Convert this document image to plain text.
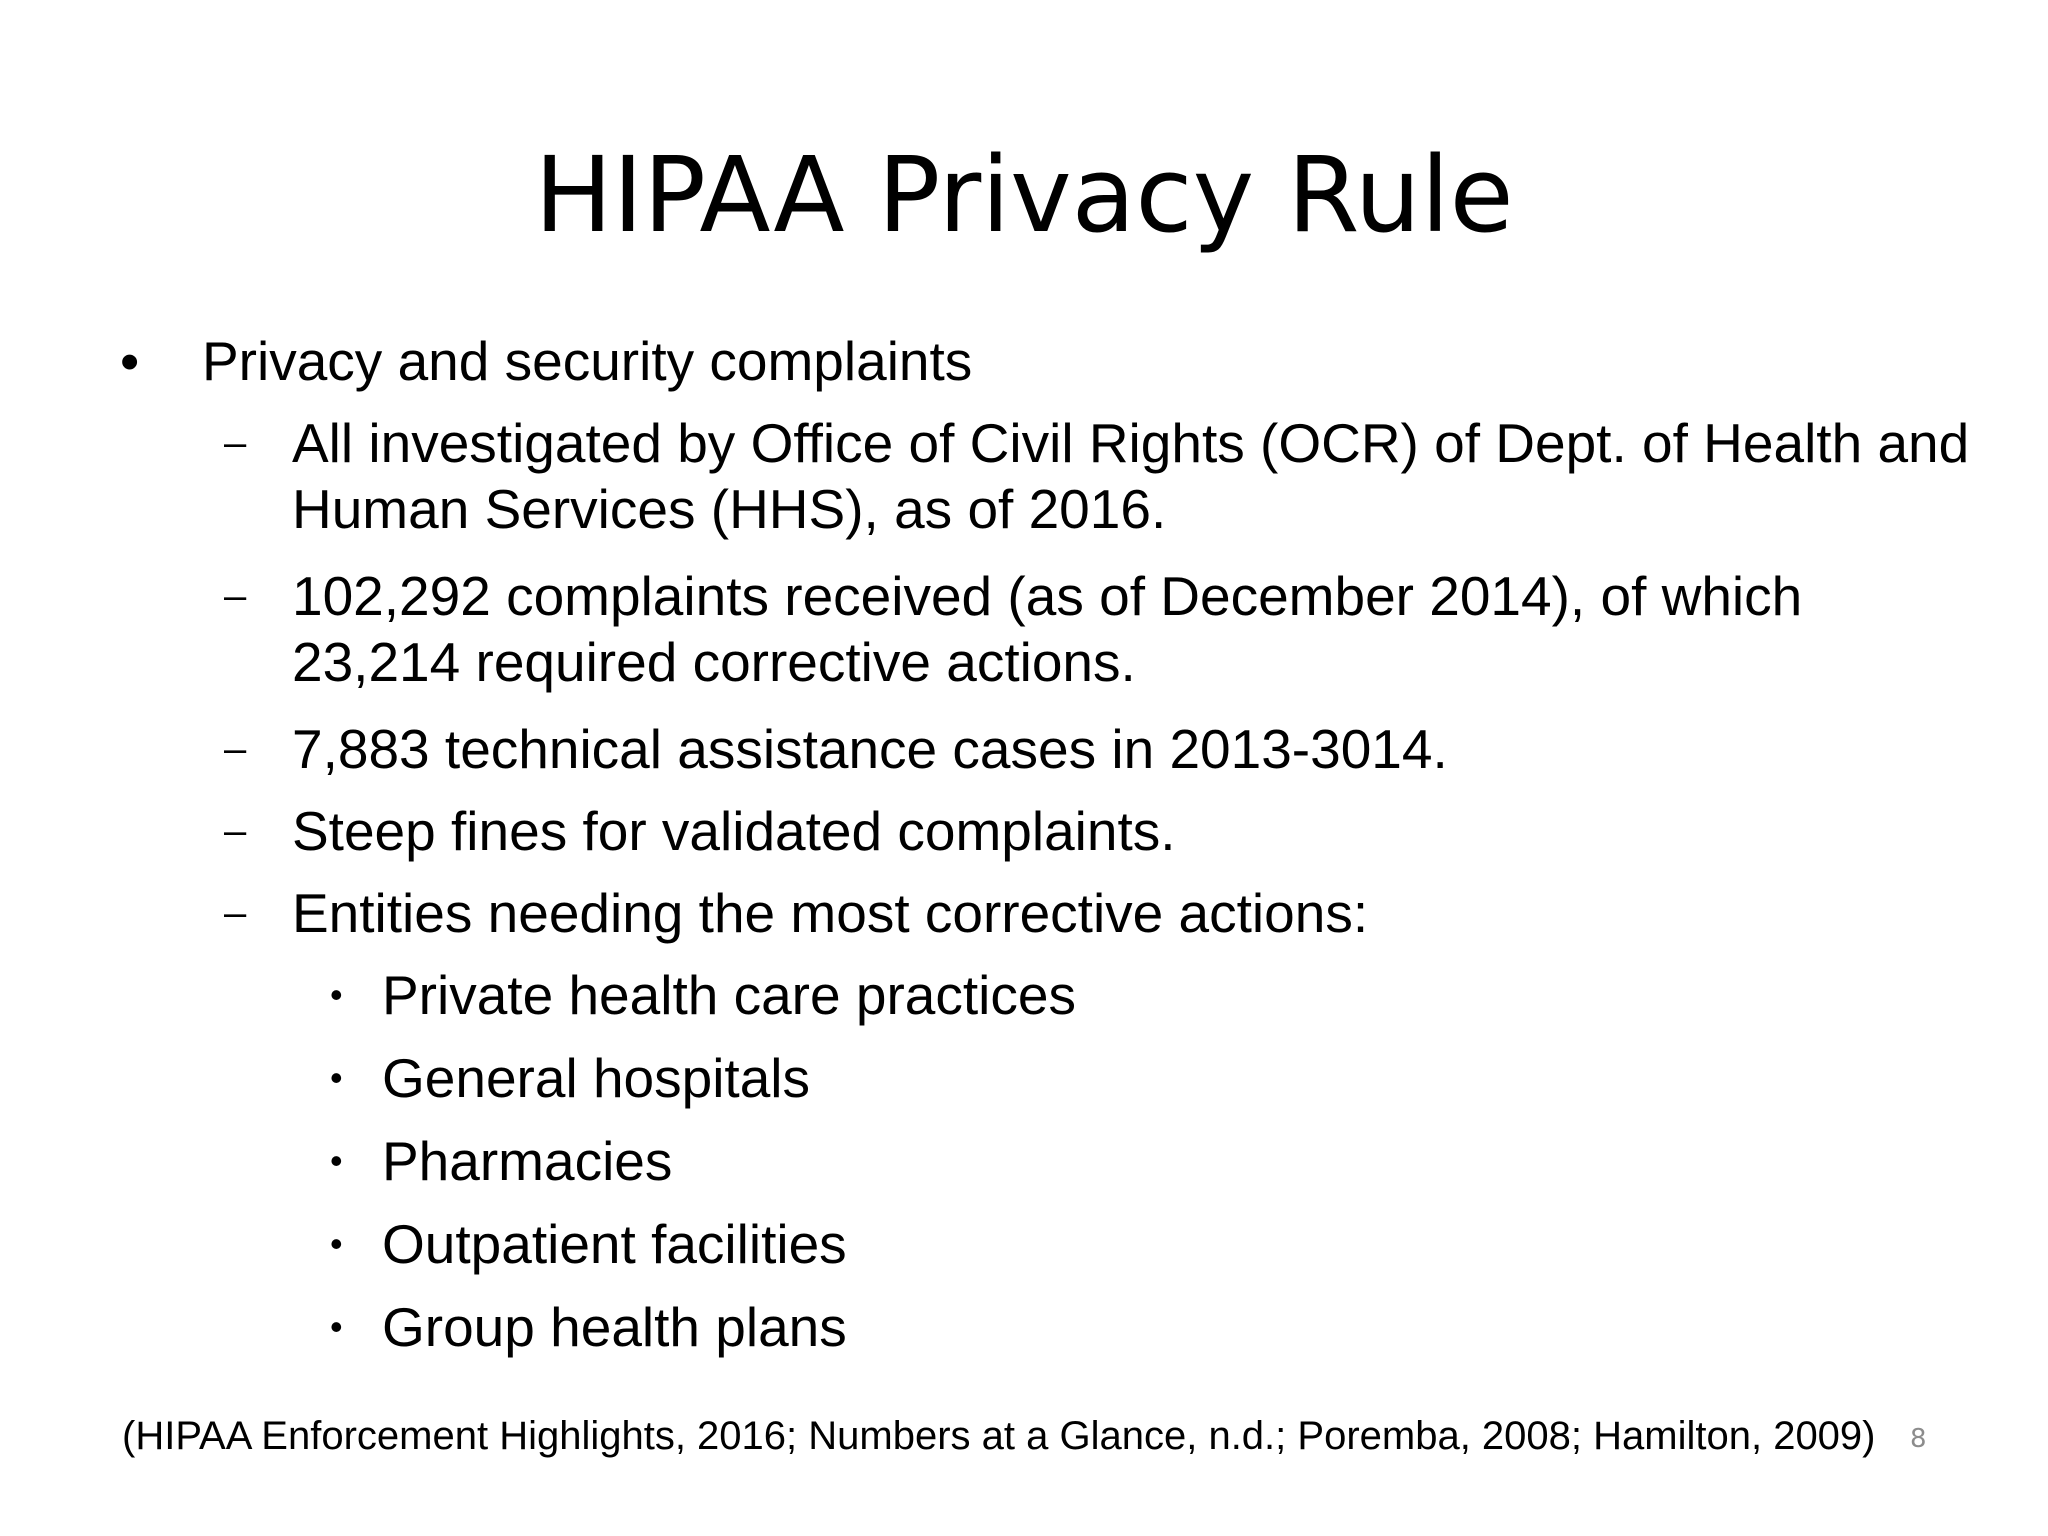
HIPAA Privacy Rule
•	Privacy and security complaints
– All investigated by Office of Civil Rights (OCR) of Dept. of Health and Human Services (HHS), as of 2016.
– 102,292 complaints received (as of December 2014), of which 23,214 required corrective actions.
– 7,883 technical assistance cases in 2013-3014.
– Steep fines for validated complaints.
– Entities needing the most corrective actions:
• Private health care practices
• General hospitals
• Pharmacies
• Outpatient facilities
• Group health plans
(HIPAA Enforcement Highlights, 2016; Numbers at a Glance, n.d.; Poremba, 2008; Hamilton, 2009)	8
